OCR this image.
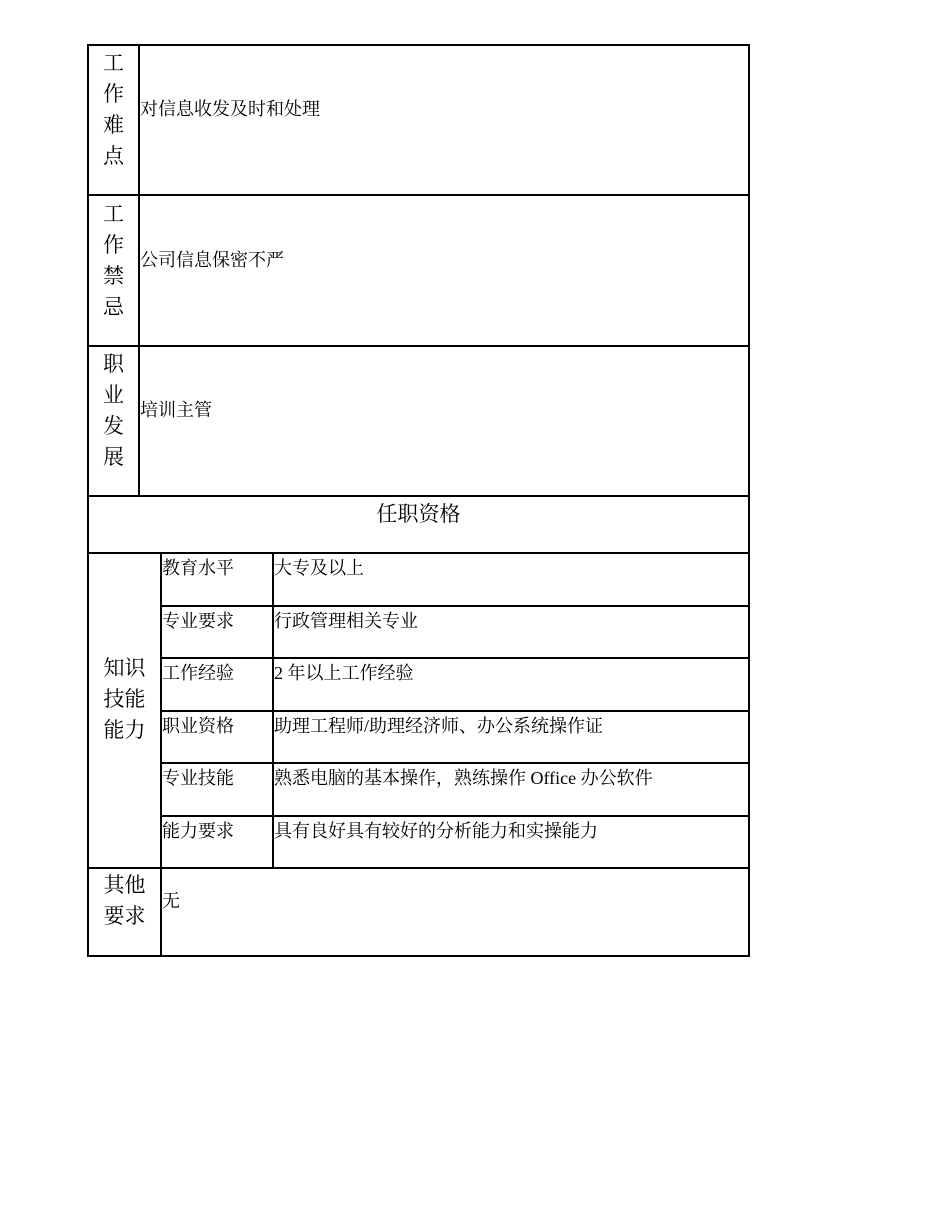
工
作
难
点
对信息收发及时和处理
工
作
禁
忌
公司信息保密不严
职
业
发
展
培训主管
任职资格
知识
技能
能力
教育水平 大专及以上
专业要求 行政管理相关专业
工作经验 2 年以上工作经验
职业资格 助理工程师/助理经济师、办公系统操作证
专业技能 熟悉电脑的基本操作，熟练操作 Office 办公软件
能力要求 具有良好具有较好的分析能力和实操能力
其他
要求
无
